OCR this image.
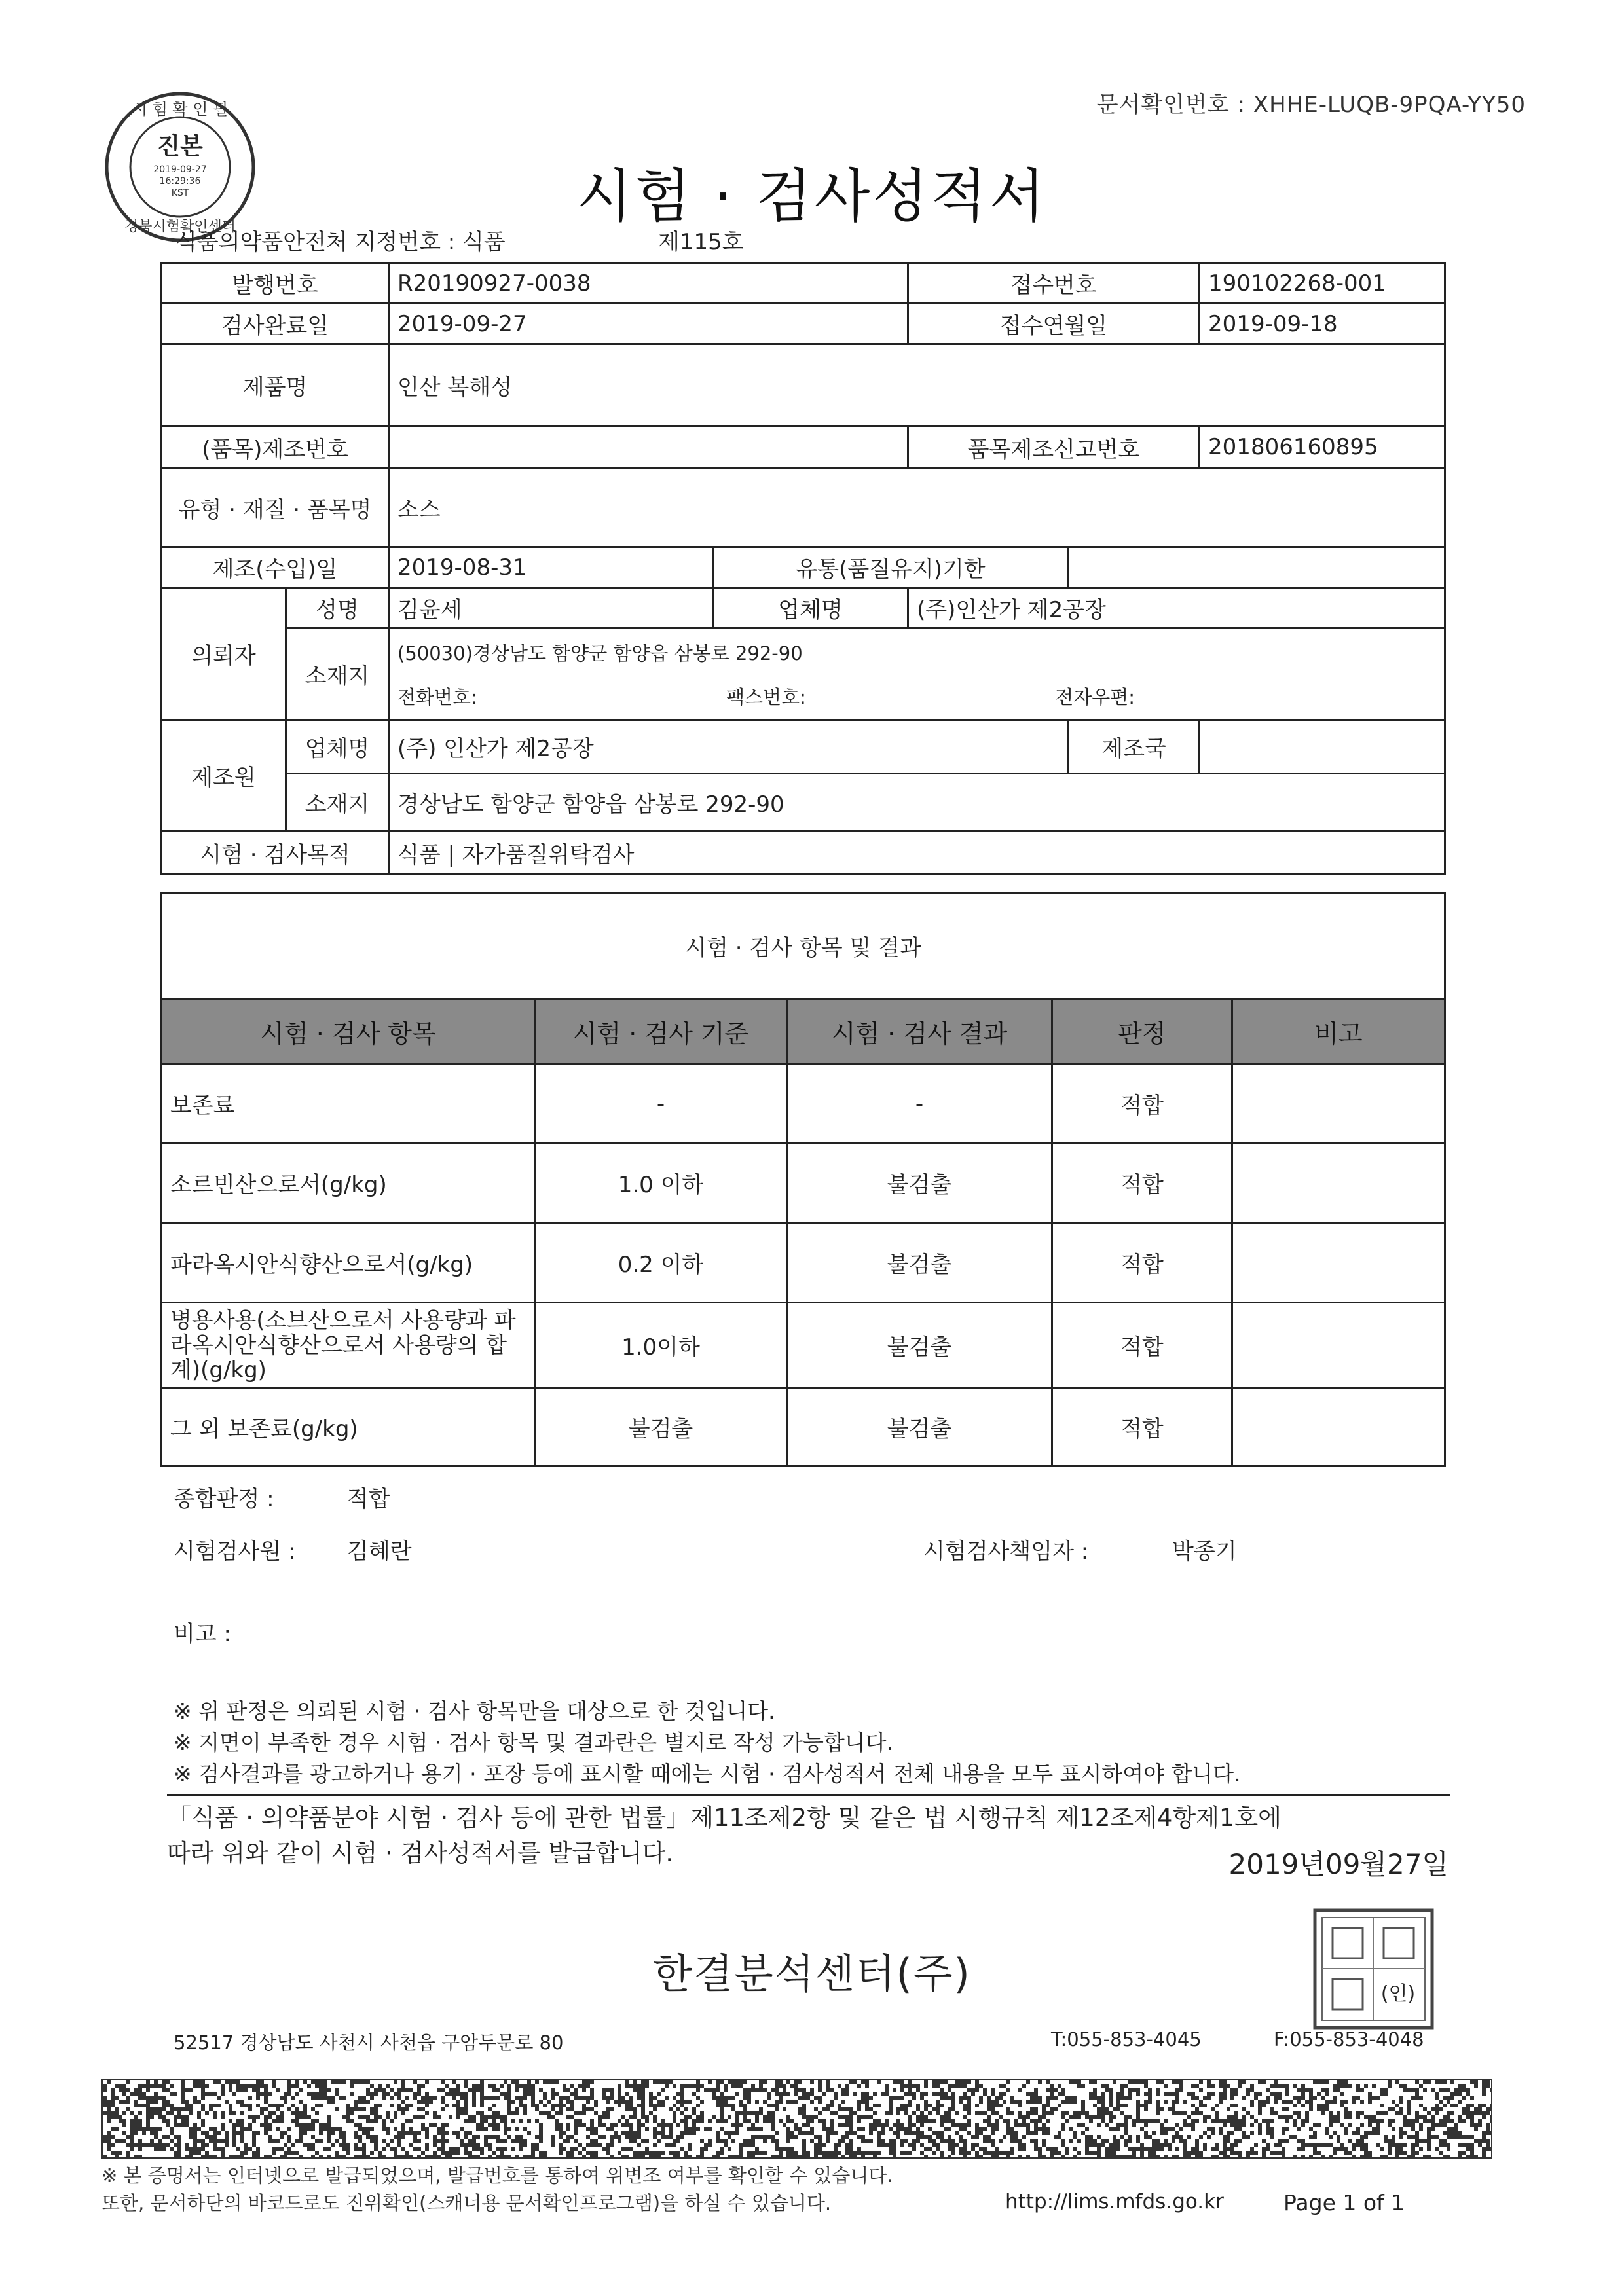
문서확인번호 : XHHE-LUQB-9PQA-YY50
시 험 확 인 필
진본
2019-09-27
16:29:36
KST
경북시험확인센터	시험 · 검사성적서
식품의약품안전처 지정번호 : 식품	제115호
발행번호		R20190927-0038		접수번호		190102268-001
검사완료일		2019-09-27		접수연월일		2019-09-18
제품명		인산 복해성				
(품목)제조번호				품목제조신고번호		201806160895
유형 · 재질 · 품목명		소스				
제조(수입)일		2019-08-31	유통(품질유지)기한			
의뢰자	성명	김윤세	업체명	(주)인산가 제2공장		
	소재지	(50030)경상남도 함양군 함양읍 삼봉로 292-90
전화번호: 팩스번호: 전자우편:				

제조원	업체명	(주) 인산가 제2공장			제조국	
	소재지	경상남도 함양군 함양읍 삼봉로 292-90				
시험 · 검사목적		식품 | 자가품질위탁검사				
시험 · 검사 항목 및 결과				
시험 · 검사 항목	시험 · 검사 기준	시험 · 검사 결과	판정	비고
보존료	-	-	적합	
소르빈산으로서(g/kg)	1.0 이하	불검출	적합	
파라옥시안식향산으로서(g/kg)	0.2 이하	불검출	적합	
병용사용(소브산으로서 사용량과 파라옥시안식향산으로서 사용량의 합계)(g/kg)	1.0이하	불검출	적합	
그 외 보존료(g/kg)	불검출	불검출	적합	
종합판정 :	적합
시험검사원 : 김혜란	시험검사책임자 :	박종기
비고 :
※ 위 판정은 의뢰된 시험 · 검사 항목만을 대상으로 한 것입니다.
※ 지면이 부족한 경우 시험 · 검사 항목 및 결과란은 별지로 작성 가능합니다.
※ 검사결과를 광고하거나 용기 · 포장 등에 표시할 때에는 시험 · 검사성적서 전체 내용을 모두 표시하여야 합니다.
「식품 · 의약품분야 시험 · 검사 등에 관한 법률」제11조제2항 및 같은 법 시행규칙 제12조제4항제1호에
따라 위와 같이 시험 · 검사성적서를 발급합니다.	2019년09월27일
한결분석센터(주)	(인)
52517 경상남도 사천시 사천읍 구암두문로 80	T:055-853-4045	F:055-853-4048
※ 본 증명서는 인터넷으로 발급되었으며, 발급번호를 통하여 위변조 여부를 확인할 수 있습니다.
또한, 문서하단의 바코드로도 진위확인(스캐너용 문서확인프로그램)을 하실 수 있습니다.	http://lims.mfds.go.kr	Page 1 of 1
